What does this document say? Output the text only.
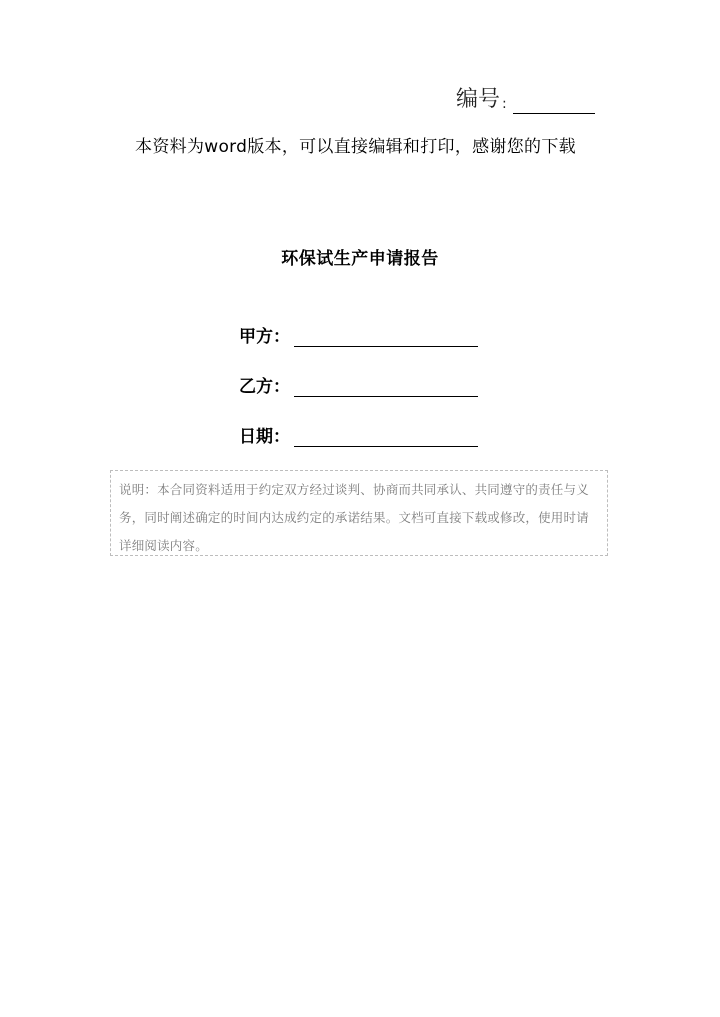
编号 :
本资料为word版本，可以直接编辑和打印，感谢您的下载
环保试生产申请报告
甲方：
乙方：
日期：
说明：本合同资料适用于约定双方经过谈判、协商而共同承认、共同遵守的责任与义务，同时阐述确定的时间内达成约定的承诺结果。文档可直接下载或修改，使用时请详细阅读内容。
